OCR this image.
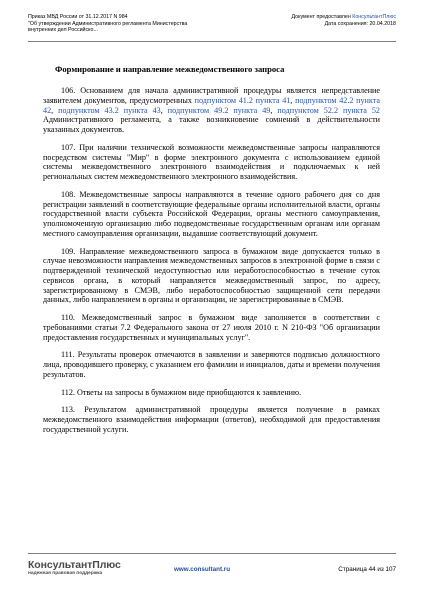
Приказ МВД России от 31.12.2017 N 984
"Об утверждении Административного регламента Министерства
внутренних дел Российско...
Документ предоставлен КонсультантПлюс
Дата сохранения: 20.04.2018
Формирование и направление межведомственного запроса

106. Основанием для начала административной процедуры является непредставление заявителем документов, предусмотренных подпунктом 41.2 пункта 41, подпунктом 42.2 пункта 42, подпунктом 43.2 пункта 43, подпунктом 49.2 пункта 49, подпунктом 52.2 пункта 52 Административного регламента, а также возникновение сомнений в действительности указанных документов.

107. При наличии технической возможности межведомственные запросы направляются посредством системы "Мир" в форме электронного документа с использованием единой системы межведомственного электронного взаимодействия и подключаемых к ней региональных систем межведомственного электронного взаимодействия.

108. Межведомственные запросы направляются в течение одного рабочего дня со дня регистрации заявлений в соответствующие федеральные органы исполнительной власти, органы государственной власти субъекта Российской Федерации, органы местного самоуправления, уполномоченную организацию либо подведомственные государственным органам или органам местного самоуправления организации, выдавшие соответствующий документ.

109. Направление межведомственного запроса в бумажном виде допускается только в случае невозможности направления межведомственных запросов в электронной форме в связи с подтвержденной технической недоступностью или неработоспособностью в течение суток сервисов органа, в который направляется межведомственный запрос, по адресу, зарегистрированному в СМЭВ, либо неработоспособностью защищенной сети передачи данных, либо направлением в органы и организации, не зарегистрированные в СМЭВ.

110. Межведомственный запрос в бумажном виде заполняется в соответствии с требованиями статьи 7.2 Федерального закона от 27 июля 2010 г. N 210-ФЗ "Об организации предоставления государственных и муниципальных услуг".

111. Результаты проверок отмечаются в заявлении и заверяются подписью должностного лица, проводившего проверку, с указанием его фамилии и инициалов, даты и времени получения результатов.

112. Ответы на запросы в бумажном виде приобщаются к заявлению.

113. Результатом административной процедуры является получение в рамках межведомственного взаимодействия информации (ответов), необходимой для предоставления государственной услуги.

КонсультантПлюс
надежная правовая поддержка
www.consultant.ru	Страница 44 из 107
